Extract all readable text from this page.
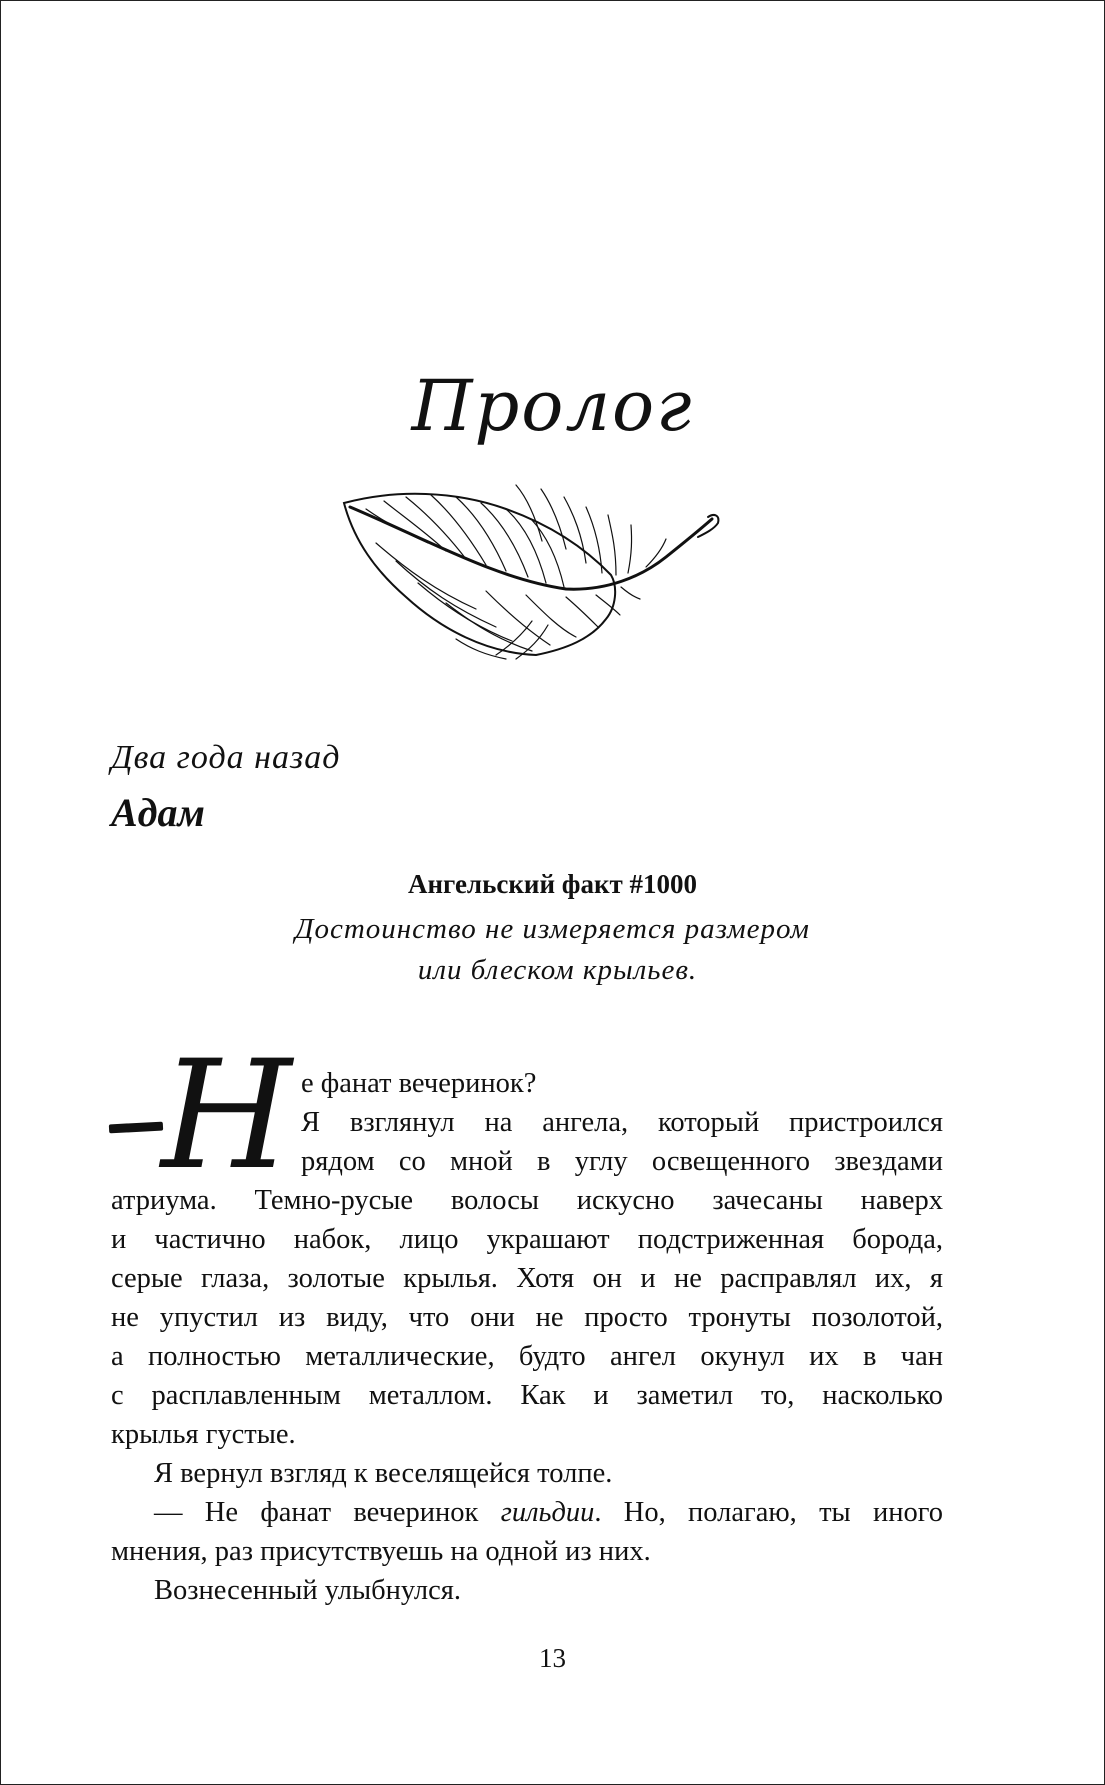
Пролог
Два года назад
Адам
Ангельский факт #1000
Достоинство не измеряется размером
или блеском крыльев.
Н е фанат вечеринок?
Я взглянул на ангела, который пристроился
рядом со мной в углу освещенного звездами
атриума. Темно-русые волосы искусно зачесаны наверх
и частично набок, лицо украшают подстриженная борода,
серые глаза, золотые крылья. Хотя он и не расправлял их, я
не упустил из виду, что они не просто тронуты позолотой,
а полностью металлические, будто ангел окунул их в чан
с расплавленным металлом. Как и заметил то, насколько
крылья густые.
Я вернул взгляд к веселящейся толпе.
— Не фанат вечеринок гильдии. Но, полагаю, ты иного
мнения, раз присутствуешь на одной из них.
Вознесенный улыбнулся.
13
